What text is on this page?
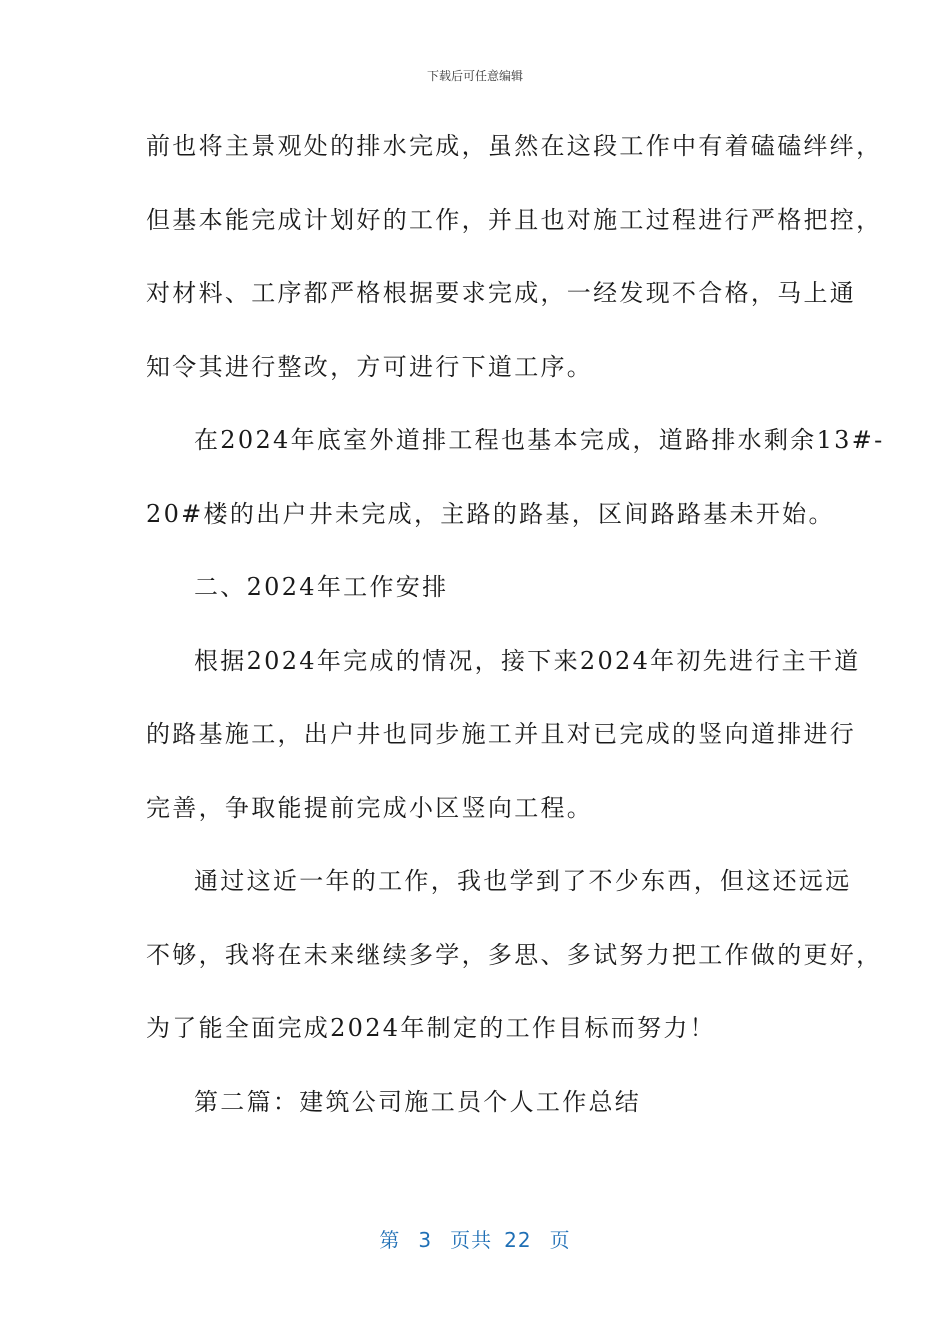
下载后可任意编辑
前也将主景观处的排水完成，虽然在这段工作中有着磕磕绊绊，
但基本能完成计划好的工作，并且也对施工过程进行严格把控，
对材料、工序都严格根据要求完成，一经发现不合格，马上通
知令其进行整改，方可进行下道工序。
在2024年底室外道排工程也基本完成，道路排水剩余13#-
20#楼的出户井未完成，主路的路基，区间路路基未开始。
二、2024年工作安排
根据2024年完成的情况，接下来2024年初先进行主干道
的路基施工，出户井也同步施工并且对已完成的竖向道排进行
完善，争取能提前完成小区竖向工程。
通过这近一年的工作，我也学到了不少东西，但这还远远
不够，我将在未来继续多学，多思、多试努力把工作做的更好，
为了能全面完成2024年制定的工作目标而努力！
第二篇：建筑公司施工员个人工作总结
第 3 页共 22 页
